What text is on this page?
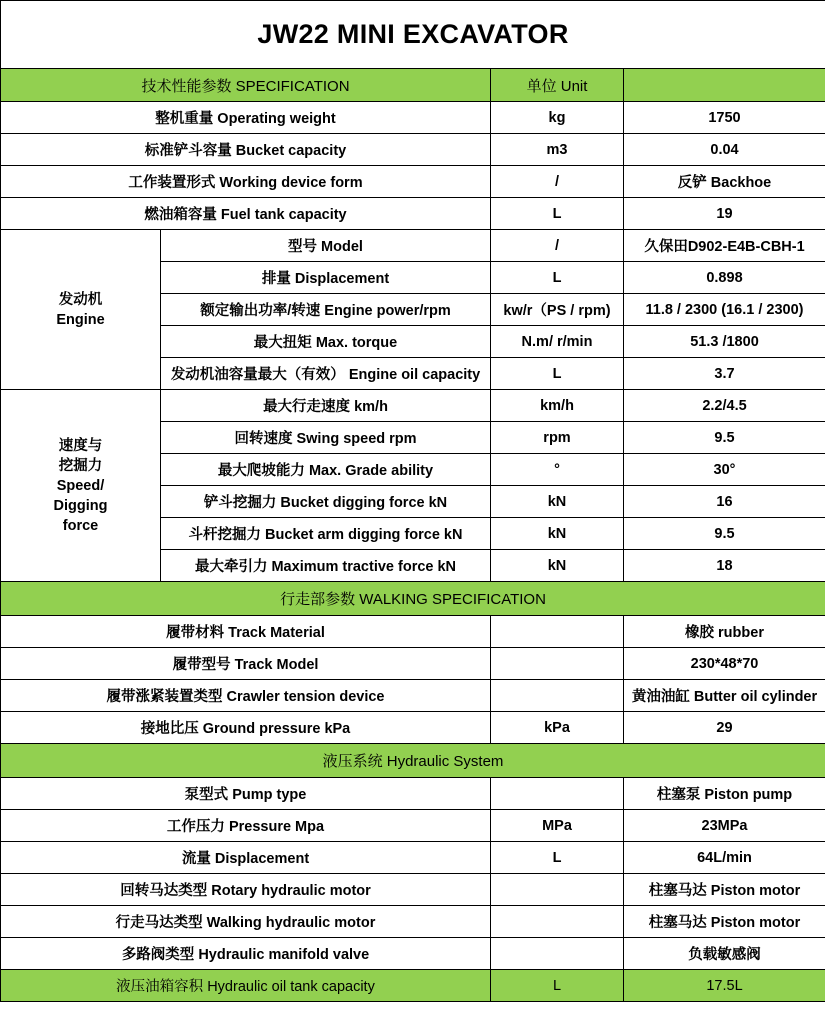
JW22 MINI EXCAVATOR			
技术性能参数 SPECIFICATION		单位 Unit	
整机重量 Operating weight		kg	1750
标准铲斗容量 Bucket capacity		m3	0.04
工作装置形式 Working device form		/	反铲 Backhoe
燃油箱容量 Fuel tank capacity		L	19

发动机
Engine	型号 Model	/	久保田D902-E4B-CBH-1
	排量 Displacement	L	0.898
	额定输出功率/转速 Engine power/rpm	kw/r（PS / rpm)	11.8 / 2300 (16.1 / 2300)
	最大扭矩 Max. torque	N.m/ r/min	51.3 /1800
	发动机油容量最大（有效） Engine oil capacity	L	3.7

速度与
挖掘力
Speed/
Digging
force	最大行走速度 km/h	km/h	2.2/4.5
	回转速度 Swing speed rpm	rpm	9.5
	最大爬坡能力 Max. Grade ability	°	30°
	铲斗挖掘力 Bucket digging force kN	kN	16
	斗杆挖掘力 Bucket arm digging force kN	kN	9.5
	最大牵引力 Maximum tractive force kN	kN	18
行走部参数 WALKING SPECIFICATION			
履带材料 Track Material			橡胶 rubber
履带型号 Track Model			230*48*70
履带涨紧装置类型 Crawler tension device			黄油油缸 Butter oil cylinder
接地比压 Ground pressure kPa		kPa	29
液压系统 Hydraulic System			
泵型式 Pump type			柱塞泵 Piston pump
工作压力 Pressure Mpa		MPa	23MPa
流量 Displacement		L	64L/min
回转马达类型 Rotary hydraulic motor			柱塞马达 Piston motor
行走马达类型 Walking hydraulic motor			柱塞马达 Piston motor
多路阀类型 Hydraulic manifold valve			负载敏感阀
液压油箱容积 Hydraulic oil tank capacity		L	17.5L
